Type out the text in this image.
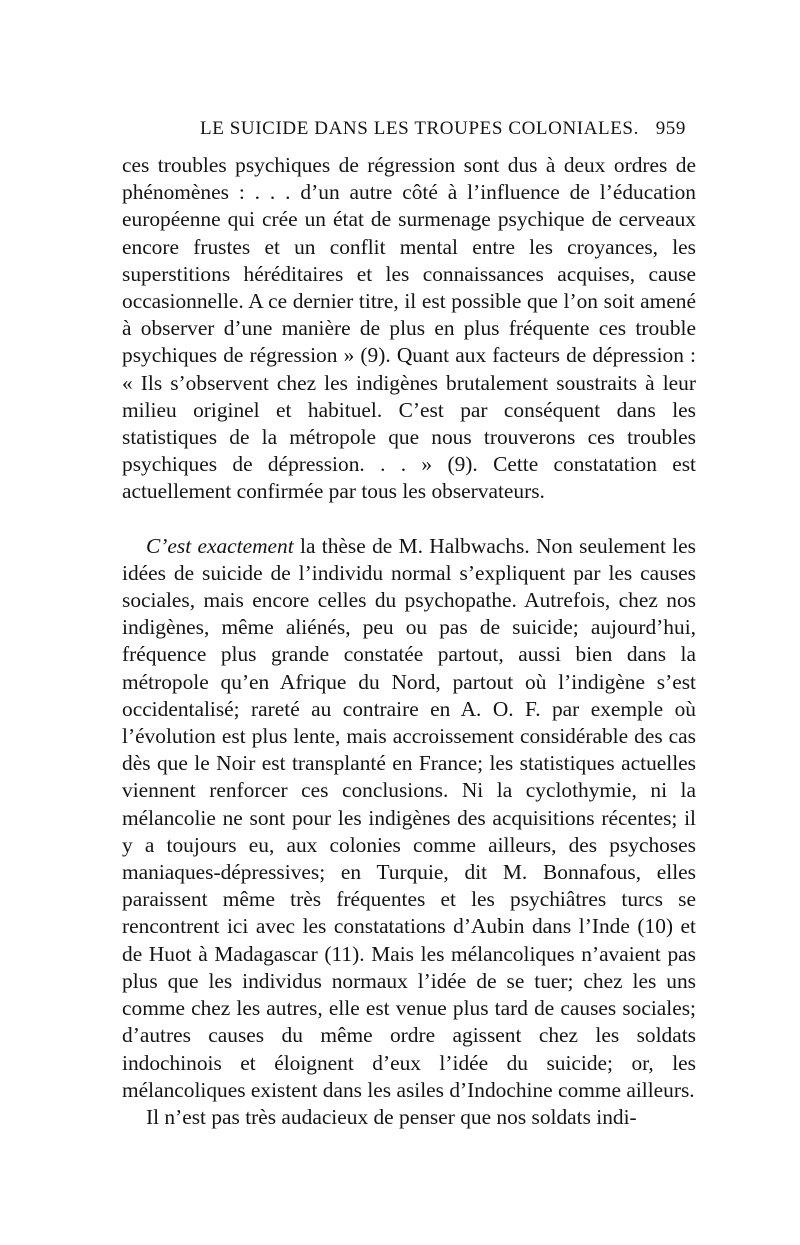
LE SUICIDE DANS LES TROUPES COLONIALES. 959

ces troubles psychiques de régression sont dus à deux ordres de phénomènes : . . . d’un autre côté à l’influence de l’éducation européenne qui crée un état de surmenage psychique de cerveaux encore frustes et un conflit mental entre les croyances, les superstitions héréditaires et les connaissances acquises, cause occasionnelle. A ce dernier titre, il est possible que l’on soit amené à observer d’une manière de plus en plus fréquente ces trouble psychiques de régression » (9). Quant aux facteurs de dépression : « Ils s’observent chez les indigènes brutalement soustraits à leur milieu originel et habituel. C’est par conséquent dans les statistiques de la métropole que nous trouverons ces troubles psychiques de dépression. . . » (9). Cette constatation est actuellement confirmée par tous les observateurs.

C’est exactement la thèse de M. Halbwachs. Non seulement les idées de suicide de l’individu normal s’expliquent par les causes sociales, mais encore celles du psychopathe. Autrefois, chez nos indigènes, même aliénés, peu ou pas de suicide; aujourd’hui, fréquence plus grande constatée partout, aussi bien dans la métropole qu’en Afrique du Nord, partout où l’indigène s’est occidentalisé; rareté au contraire en A. O. F. par exemple où l’évolution est plus lente, mais accroissement considérable des cas dès que le Noir est transplanté en France; les statistiques actuelles viennent renforcer ces conclusions. Ni la cyclothymie, ni la mélancolie ne sont pour les indigènes des acquisitions récentes; il y a toujours eu, aux colonies comme ailleurs, des psychoses maniaques-dépressives; en Turquie, dit M. Bonnafous, elles paraissent même très fréquentes et les psychiâtres turcs se rencontrent ici avec les constatations d’Aubin dans l’Inde (10) et de Huot à Madagascar (11). Mais les mélancoliques n’avaient pas plus que les individus normaux l’idée de se tuer; chez les uns comme chez les autres, elle est venue plus tard de causes sociales; d’autres causes du même ordre agissent chez les soldats indochinois et éloignent d’eux l’idée du suicide; or, les mélancoliques existent dans les asiles d’Indochine comme ailleurs.

Il n’est pas très audacieux de penser que nos soldats indi-
